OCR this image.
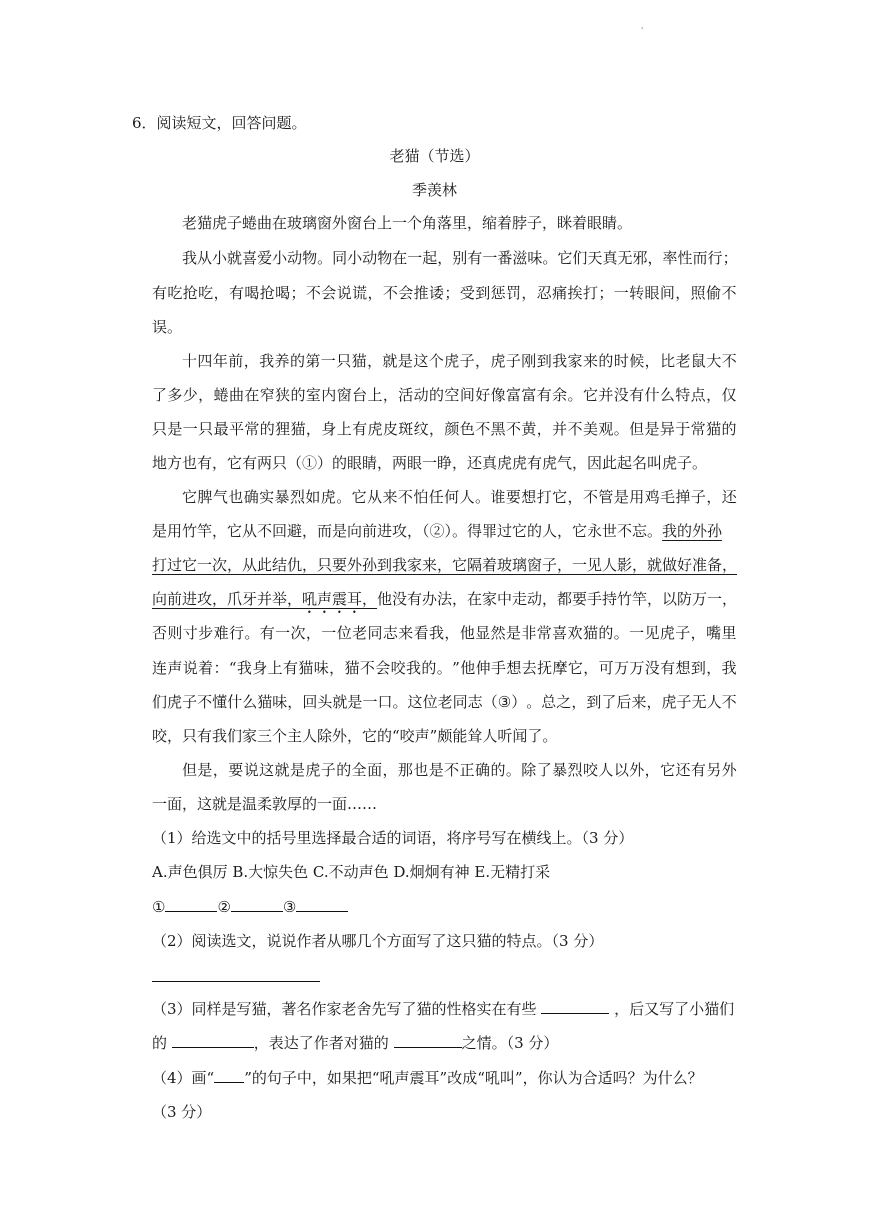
'
6．阅读短文，回答问题。
老猫（节选）
季羡林
老猫虎子蜷曲在玻璃窗外窗台上一个角落里，缩着脖子，眯着眼睛。
我 从 小 就 喜 爱 小 动 物 。 同 小 动 物 在 一 起 ， 别 有 一 番 滋 味 。 它 们 天 真 无 邪 ， 率 性 而 行 ；
有 吃 抢 吃 ， 有 喝 抢 喝 ； 不 会 说 谎 ， 不 会 推 诿 ； 受 到 惩 罚 ， 忍 痛 挨 打 ； 一 转 眼 间 ， 照 偷 不
误。
十 四 年 前 ， 我 养 的 第 一 只 猫 ， 就 是 这 个 虎 子 ， 虎 子 刚 到 我 家 来 的 时 候 ， 比 老 鼠 大 不
了 多 少 ， 蜷 曲 在 窄 狭 的 室 内 窗 台 上 ， 活 动 的 空 间 好 像 富 富 有 余 。 它 并 没 有 什 么 特 点 ， 仅
只 是 一 只 最 平 常 的 狸 猫 ， 身 上 有 虎 皮 斑 纹 ， 颜 色 不 黑 不 黄 ， 并 不 美 观 。 但 是 异 于 常 猫 的
地方也有，它有两只（①）的眼睛，两眼一睁，还真虎虎有虎气，因此起名叫虎子。
它 脾 气 也 确 实 暴 烈 如 虎 。 它 从 来 不 怕 任 何 人 。 谁 要 想 打 它 ， 不 管 是 用 鸡 毛 掸 子 ， 还
是用竹竿，它从不回避，而是向前进攻，（②）。得罪过它的人，它永世不忘。我的外孙
打过它一次，从此结仇，只要外孙到我家来，它隔着玻璃窗子，一见人影，就做好准备，
向前进攻，爪牙并举，吼声震耳，他没有办法，在家中走动，都要手持竹竿，以防万一，
否 则 寸 步 难 行 。 有 一 次 ， 一 位 老 同 志 来 看 我 ， 他 显 然 是 非 常 喜 欢 猫 的 。 一 见 虎 子 ， 嘴 里
连 声 说 着 ： “ 我 身 上 有 猫 味 ， 猫 不 会 咬 我 的 。 ” 他 伸 手 想 去 抚 摩 它 ， 可 万 万 没 有 想 到 ， 我
们 虎 子 不 懂 什 么 猫 味 ， 回 头 就 是 一 口 。 这 位 老 同 志 （ ③ ） 。 总 之 ， 到 了 后 来 ， 虎 子 无 人 不
咬，只有我们家三个主人除外，它的“咬声”颇能耸人听闻了。
但 是 ， 要 说 这 就 是 虎 子 的 全 面 ， 那 也 是 不 正 确 的 。 除 了 暴 烈 咬 人 以 外 ， 它 还 有 另 外
一面，这就是温柔敦厚的一面……
（1）给选文中的括号里选择最合适的词语，将序号写在横线上。（3 分）
A.声色俱厉 B.大惊失色 C.不动声色 D.炯炯有神 E.无精打采
①	②	③
（2）阅读选文，说说作者从哪几个方面写了这只猫的特点。（3 分）
（3）同样是写猫，著名作家老舍先写了猫的性格实在有些	，后又写了小猫们
的	，表达了作者对猫的	之情。（3 分）
（4）画“ ”的句子中，如果把“吼声震耳”改成“吼叫”，你认为合适吗？为什么？
（3 分）
